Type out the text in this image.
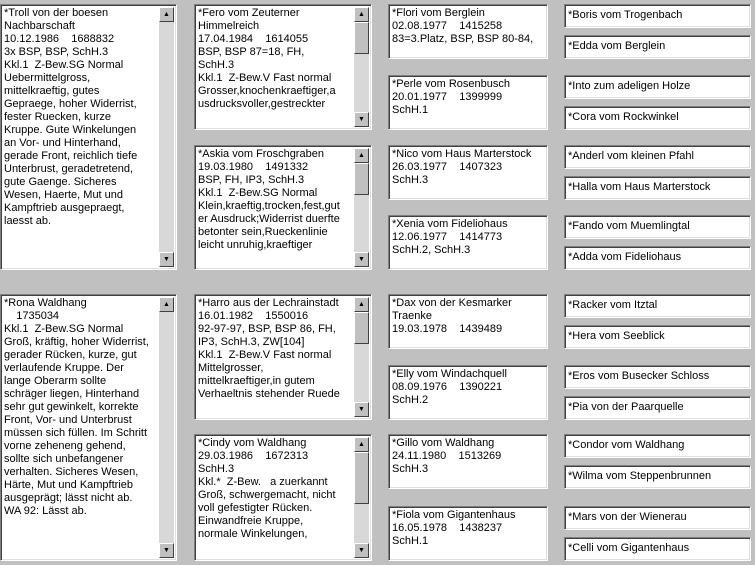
*Troll von der boesen
Nachbarschaft
10.12.1986    1688832
3x BSP, BSP, SchH.3
Kkl.1  Z-Bew.SG Normal
Uebermittelgross,
mittelkraeftig, gutes
Gepraege, hoher Widerrist,
fester Ruecken, kurze
Kruppe. Gute Winkelungen
an Vor- und Hinterhand,
gerade Front, reichlich tiefe
Unterbrust, geradetretend,
gute Gaenge. Sicheres
Wesen, Haerte, Mut und
Kampftrieb ausgepraegt,
laesst ab.
▲
▼
*Fero vom Zeuterner
Himmelreich
17.04.1984    1614055
BSP, BSP 87=18, FH,
SchH.3
Kkl.1  Z-Bew.V Fast normal
Grosser,knochenkraeftiger,a
usdrucksvoller,gestreckter
▲
▼
*Askia vom Froschgraben
19.03.1980    1491332
BSP, FH, IP3, SchH.3
Kkl.1  Z-Bew.SG Normal
Klein,kraeftig,trocken,fest,gut
er Ausdruck;Widerrist duerfte
betonter sein,Rueckenlinie
leicht unruhig,kraeftiger
▲
▼
*Flori vom Berglein
02.08.1977    1415258
83=3.Platz, BSP, BSP 80-84,
*Perle vom Rosenbusch
20.01.1977    1399999
SchH.1
*Nico vom Haus Marterstock
26.03.1977    1407323
SchH.3
*Xenia vom Fideliohaus
12.06.1977    1414773
SchH.2, SchH.3
*Boris vom Trogenbach
*Edda vom Berglein
*Into zum adeligen Holze
*Cora vom Rockwinkel
*Anderl vom kleinen Pfahl
*Halla vom Haus Marterstock
*Fando vom Muemlingtal
*Adda vom Fideliohaus
*Rona Waldhang
1735034
Kkl.1  Z-Bew.SG Normal
Groß, kräftig, hoher Widerrist,
gerader Rücken, kurze, gut
verlaufende Kruppe. Der
lange Oberarm sollte
schräger liegen, Hinterhand
sehr gut gewinkelt, korrekte
Front, Vor- und Unterbrust
müssen sich füllen. Im Schritt
vorne zeheneng gehend,
sollte sich unbefangener
verhalten. Sicheres Wesen,
Härte, Mut und Kampftrieb
ausgeprägt; lässt nicht ab.
WA 92: Lässt ab.
▲
▼
*Harro aus der Lechrainstadt
16.01.1982    1550016
92-97-97, BSP, BSP 86, FH,
IP3, SchH.3, ZW[104]
Kkl.1  Z-Bew.V Fast normal
Mittelgrosser,
mittelkraeftiger,in gutem
Verhaeltnis stehender Ruede
▲
▼
*Cindy vom Waldhang
29.03.1986    1672313
SchH.3
Kkl.*  Z-Bew.   a zuerkannt
Groß, schwergemacht, nicht
voll gefestigter Rücken.
Einwandfreie Kruppe,
normale Winkelungen,
▲
▼
*Dax von der Kesmarker
Traenke
19.03.1978    1439489
*Elly vom Windachquell
08.09.1976    1390221
SchH.2
*Gillo vom Waldhang
24.11.1980    1513269
SchH.3
*Fiola vom Gigantenhaus
16.05.1978    1438237
SchH.1
*Racker vom Itztal
*Hera vom Seeblick
*Eros vom Busecker Schloss
*Pia von der Paarquelle
*Condor vom Waldhang
*Wilma vom Steppenbrunnen
*Mars von der Wienerau
*Celli vom Gigantenhaus
